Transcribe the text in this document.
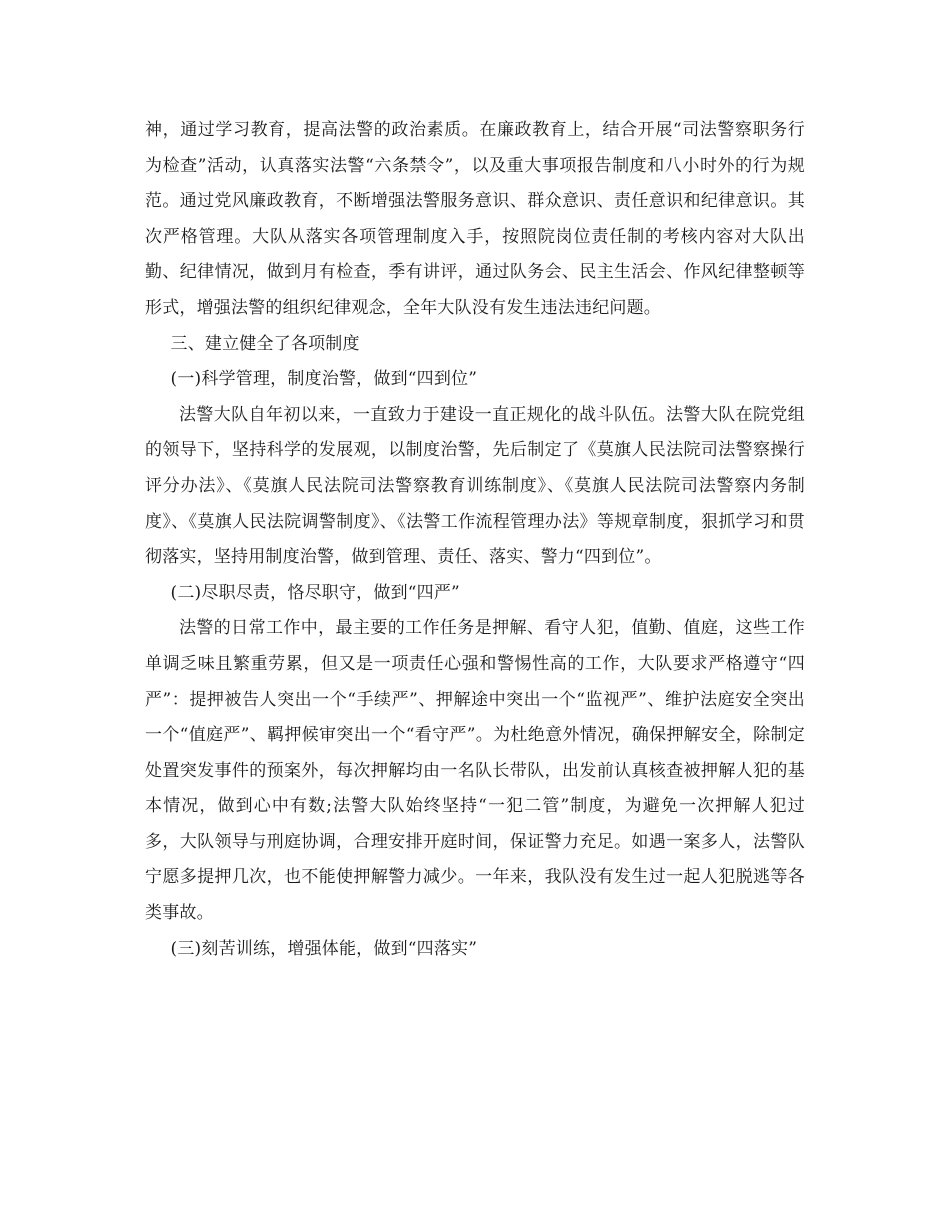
神，通过学习教育，提高法警的政治素质。在廉政教育上，结合开展“司法警察职务行为检查”活动，认真落实法警“六条禁令”，以及重大事项报告制度和八小时外的行为规范。通过党风廉政教育，不断增强法警服务意识、群众意识、责任意识和纪律意识。其次严格管理。大队从落实各项管理制度入手，按照院岗位责任制的考核内容对大队出勤、纪律情况，做到月有检查，季有讲评，通过队务会、民主生活会、作风纪律整顿等形式，增强法警的组织纪律观念，全年大队没有发生违法违纪问题。

三、建立健全了各项制度

(一)科学管理，制度治警，做到“四到位”

法警大队自年初以来，一直致力于建设一直正规化的战斗队伍。法警大队在院党组的领导下，坚持科学的发展观，以制度治警，先后制定了《莫旗人民法院司法警察操行评分办法》、《莫旗人民法院司法警察教育训练制度》、《莫旗人民法院司法警察内务制度》、《莫旗人民法院调警制度》、《法警工作流程管理办法》等规章制度，狠抓学习和贯彻落实，坚持用制度治警，做到管理、责任、落实、警力“四到位”。

(二)尽职尽责，恪尽职守，做到“四严”

法警的日常工作中，最主要的工作任务是押解、看守人犯，值勤、值庭，这些工作单调乏味且繁重劳累，但又是一项责任心强和警惕性高的工作，大队要求严格遵守“四严”：提押被告人突出一个“手续严”、押解途中突出一个“监视严”、维护法庭安全突出一个“值庭严”、羁押候审突出一个“看守严”。为杜绝意外情况，确保押解安全，除制定处置突发事件的预案外，每次押解均由一名队长带队，出发前认真核查被押解人犯的基本情况，做到心中有数;法警大队始终坚持“一犯二管”制度，为避免一次押解人犯过多，大队领导与刑庭协调，合理安排开庭时间，保证警力充足。如遇一案多人，法警队宁愿多提押几次，也不能使押解警力减少。一年来，我队没有发生过一起人犯脱逃等各类事故。

(三)刻苦训练，增强体能，做到“四落实”
